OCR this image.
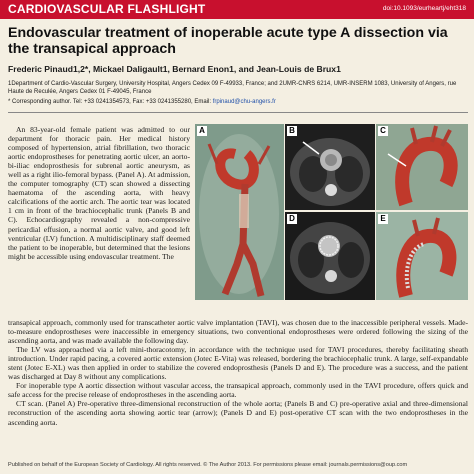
CARDIOVASCULAR FLASHLIGHT	doi:10.1093/eurheartj/eht318
Endovascular treatment of inoperable acute type A dissection via the transapical approach
Frederic Pinaud1,2*, Mickael Daligault1, Bernard Enon1, and Jean-Louis de Brux1
1Department of Cardio-Vascular Surgery, University Hospital, Angers Cedex 09 F-49933, France; and 2UMR-CNRS 6214, UMR-INSERM 1083, University of Angers, rue Haute de Reculée, Angers Cedex 01 F-49045, France
* Corresponding author. Tel: +33 0241354573, Fax: +33 0241355280, Email: frpinaud@chu-angers.fr
An 83-year-old female patient was admitted to our department for thoracic pain. Her medical history composed of hypertension, atrial fibrillation, two thoracic aortic endoprostheses for penetrating aortic ulcer, an aorto-bi-iliac endoprosthesis for subrenal aortic aneurysm, as well as a right ilio-femoral bypass. (Panel A). At admission, the computer tomography (CT) scan showed a dissecting haematoma of the ascending aorta, with heavy calcifications of the aortic arch. The aortic tear was located 1 cm in front of the brachiocephalic trunk (Panels B and C). Echocardiography revealed a non-compressive pericardial effusion, a normal aortic valve, and good left ventricular (LV) function. A multidisciplinary staff deemed the patient to be inoperable, but determined that the lesions might be accessible using endovascular treatment. The
A	B	C
D	E

transapical approach, commonly used for transcatheter aortic valve implantation (TAVI), was chosen due to the inaccessible peripheral vessels. Made-to-measure endoprostheses were inaccessible in emergency situations, two conventional endoprostheses were ordered following the sizing of the ascending aorta, and was made available the following day.

The LV was approached via a left mini-thoracotomy, in accordance with the technique used for TAVI procedures, thereby facilitating sheath introduction. Under rapid pacing, a covered aortic extension (Jotec E-Vita) was released, bordering the brachiocephalic trunk. A large, self-expandable stent (Jotec E-XL) was then applied in order to stabilize the covered endoprosthesis (Panels D and E). The procedure was a success, and the patient was discharged at Day 8 without any complications.

For inoperable type A aortic dissection without vascular access, the transapical approach, commonly used in the TAVI procedure, offers quick and safe access for the precise release of endoprostheses in the ascending aorta.

CT scan. (Panel A) Pre-operative three-dimensional reconstruction of the whole aorta; (Panels B and C) pre-operative axial and three-dimensional reconstruction of the ascending aorta showing aortic tear (arrow); (Panels D and E) post-operative CT scan with the two endoprostheses in the ascending aorta.

Published on behalf of the European Society of Cardiology. All rights reserved. © The Author 2013. For permissions please email: journals.permissions@oup.com
